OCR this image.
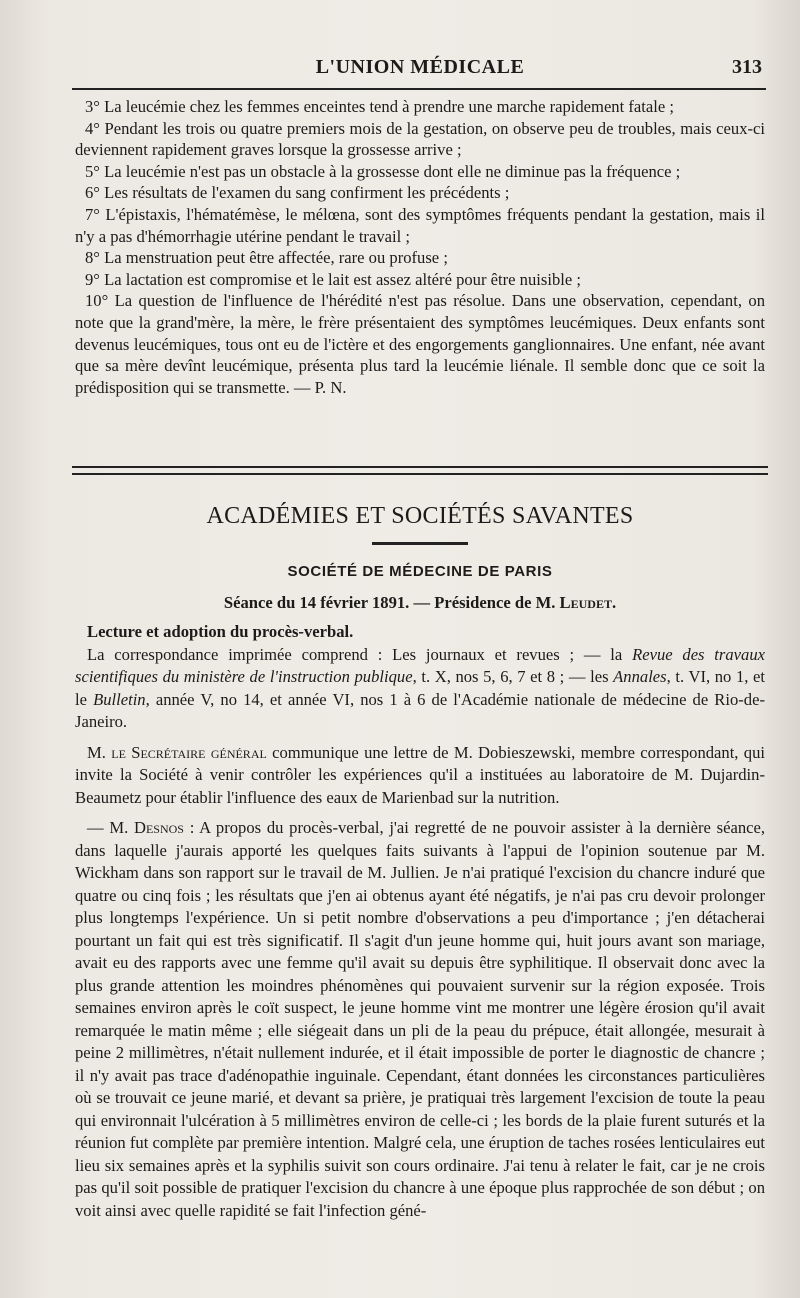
L'UNION MÉDICALE	313

3° La leucémie chez les femmes enceintes tend à prendre une marche rapidement fatale ;

4° Pendant les trois ou quatre premiers mois de la gestation, on observe peu de troubles, mais ceux-ci deviennent rapidement graves lorsque la grossesse arrive ;

5° La leucémie n'est pas un obstacle à la grossesse dont elle ne diminue pas la fréquence ;

6° Les résultats de l'examen du sang confirment les précédents ;

7° L'épistaxis, l'hématémèse, le mélœna, sont des symptômes fréquents pendant la gestation, mais il n'y a pas d'hémorrhagie utérine pendant le travail ;

8° La menstruation peut être affectée, rare ou profuse ;

9° La lactation est compromise et le lait est assez altéré pour être nuisible ;

10° La question de l'influence de l'hérédité n'est pas résolue. Dans une observation, cependant, on note que la grand'mère, la mère, le frère présentaient des symptômes leucémiques. Deux enfants sont devenus leucémiques, tous ont eu de l'ictère et des engorgements ganglionnaires. Une enfant, née avant que sa mère devînt leucémique, présenta plus tard la leucémie liénale. Il semble donc que ce soit la prédisposition qui se transmette. — P. N.

ACADÉMIES ET SOCIÉTÉS SAVANTES
SOCIÉTÉ DE MÉDECINE DE PARIS
Séance du 14 février 1891. — Présidence de M. Leudet.

Lecture et adoption du procès-verbal.

La correspondance imprimée comprend : Les journaux et revues ; — la Revue des travaux scientifiques du ministère de l'instruction publique, t. X, nos 5, 6, 7 et 8 ; — les Annales, t. VI, no 1, et le Bulletin, année V, no 14, et année VI, nos 1 à 6 de l'Académie nationale de médecine de Rio-de-Janeiro.

M. le Secrétaire général communique une lettre de M. Dobieszewski, membre correspondant, qui invite la Société à venir contrôler les expériences qu'il a instituées au laboratoire de M. Dujardin-Beaumetz pour établir l'influence des eaux de Marienbad sur la nutrition.

— M. Desnos : A propos du procès-verbal, j'ai regretté de ne pouvoir assister à la dernière séance, dans laquelle j'aurais apporté les quelques faits suivants à l'appui de l'opinion soutenue par M. Wickham dans son rapport sur le travail de M. Jullien. Je n'ai pratiqué l'excision du chancre induré que quatre ou cinq fois ; les résultats que j'en ai obtenus ayant été négatifs, je n'ai pas cru devoir prolonger plus longtemps l'expérience. Un si petit nombre d'observations a peu d'importance ; j'en détacherai pourtant un fait qui est très significatif. Il s'agit d'un jeune homme qui, huit jours avant son mariage, avait eu des rapports avec une femme qu'il avait su depuis être syphilitique. Il observait donc avec la plus grande attention les moindres phénomènes qui pouvaient survenir sur la région exposée. Trois semaines environ après le coït suspect, le jeune homme vint me montrer une légère érosion qu'il avait remarquée le matin même ; elle siégeait dans un pli de la peau du prépuce, était allongée, mesurait à peine 2 millimètres, n'était nullement indurée, et il était impossible de porter le diagnostic de chancre ; il n'y avait pas trace d'adénopathie inguinale. Cependant, étant données les circonstances particulières où se trouvait ce jeune marié, et devant sa prière, je pratiquai très largement l'excision de toute la peau qui environnait l'ulcération à 5 millimètres environ de celle-ci ; les bords de la plaie furent suturés et la réunion fut complète par première intention. Malgré cela, une éruption de taches rosées lenticulaires eut lieu six semaines après et la syphilis suivit son cours ordinaire. J'ai tenu à relater le fait, car je ne crois pas qu'il soit possible de pratiquer l'excision du chancre à une époque plus rapprochée de son début ; on voit ainsi avec quelle rapidité se fait l'infection géné-
